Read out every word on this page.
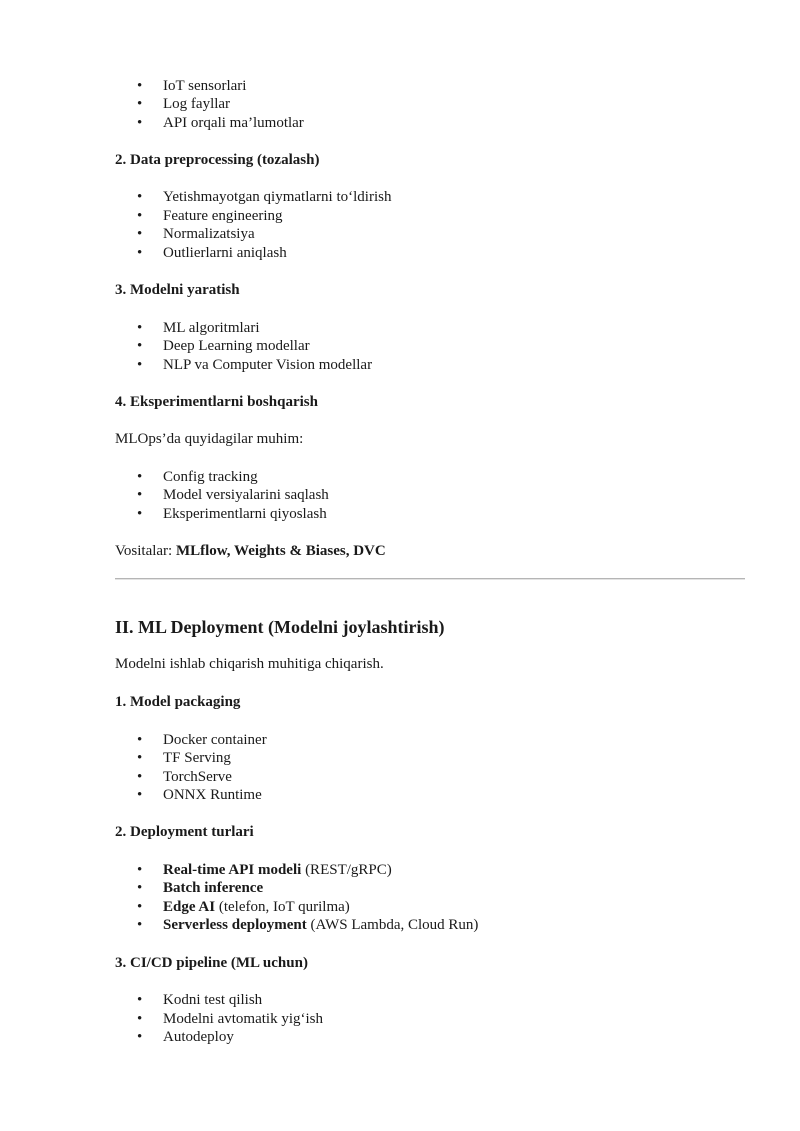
• IoT sensorlari
• Log fayllar
• API orqali ma’lumotlar
2. Data preprocessing (tozalash)
• Yetishmayotgan qiymatlarni to‘ldirish
• Feature engineering
• Normalizatsiya
• Outlierlarni aniqlash
3. Modelni yaratish
• ML algoritmlari
• Deep Learning modellar
• NLP va Computer Vision modellar
4. Eksperimentlarni boshqarish
MLOps’da quyidagilar muhim:
• Config tracking
• Model versiyalarini saqlash
• Eksperimentlarni qiyoslash
Vositalar: MLflow, Weights & Biases, DVC
II. ML Deployment (Modelni joylashtirish)
Modelni ishlab chiqarish muhitiga chiqarish.
1. Model packaging
• Docker container
• TF Serving
• TorchServe
• ONNX Runtime
2. Deployment turlari
• Real-time API modeli (REST/gRPC)
• Batch inference
• Edge AI (telefon, IoT qurilma)
• Serverless deployment (AWS Lambda, Cloud Run)
3. CI/CD pipeline (ML uchun)
• Kodni test qilish
• Modelni avtomatik yig‘ish
• Autodeploy
